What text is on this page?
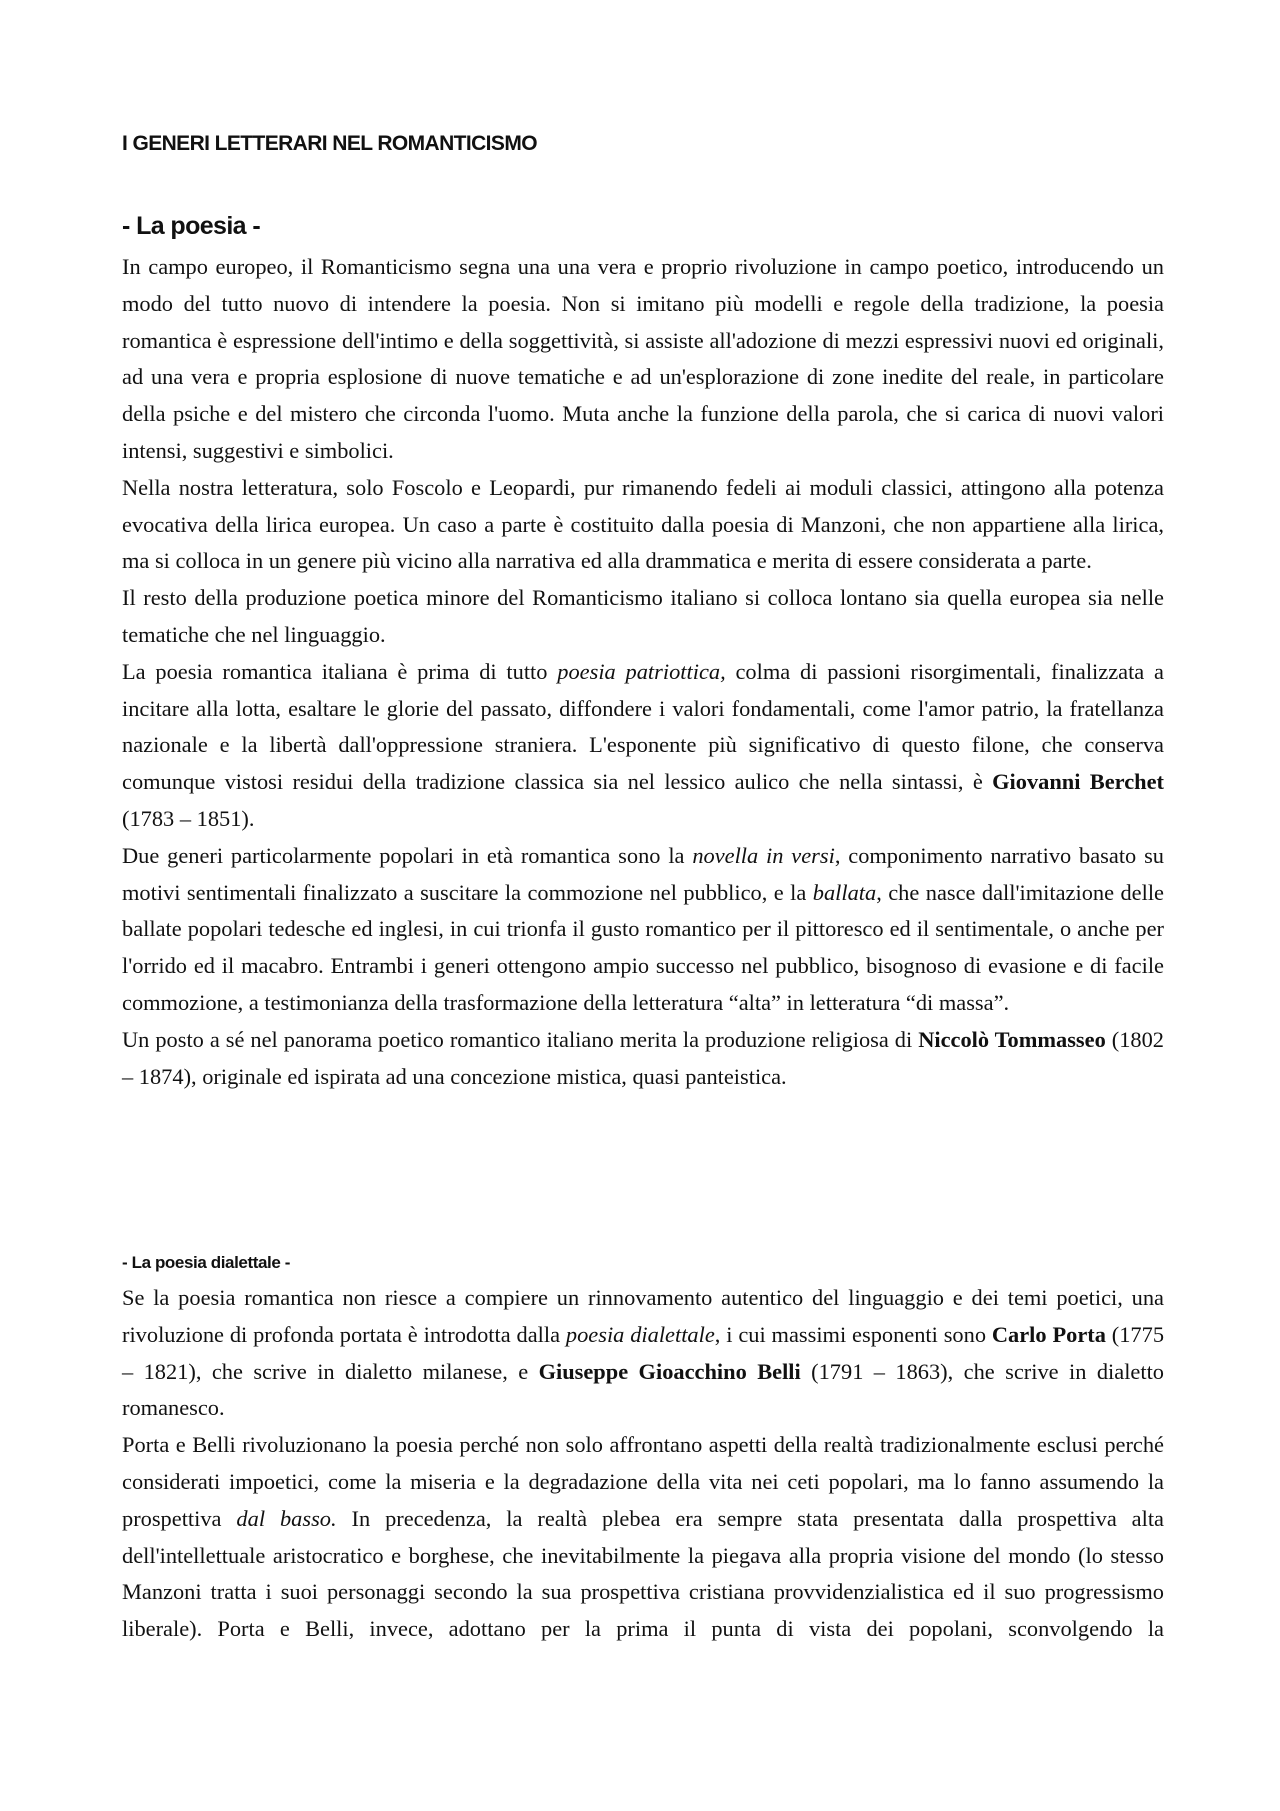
I GENERI LETTERARI NEL ROMANTICISMO
- La poesia -

In campo europeo, il Romanticismo segna una una vera e proprio rivoluzione in campo poetico, introducendo un modo del tutto nuovo di intendere la poesia. Non si imitano più modelli e regole della tradizione, la poesia romantica è espressione dell'intimo e della soggettività, si assiste all'adozione di mezzi espressivi nuovi ed originali, ad una vera e propria esplosione di nuove tematiche e ad un'esplorazione di zone inedite del reale, in particolare della psiche e del mistero che circonda l'uomo. Muta anche la funzione della parola, che si carica di nuovi valori intensi, suggestivi e simbolici.

Nella nostra letteratura, solo Foscolo e Leopardi, pur rimanendo fedeli ai moduli classici, attingono alla potenza evocativa della lirica europea. Un caso a parte è costituito dalla poesia di Manzoni, che non appartiene alla lirica, ma si colloca in un genere più vicino alla narrativa ed alla drammatica e merita di essere considerata a parte.

Il resto della produzione poetica minore del Romanticismo italiano si colloca lontano sia quella europea sia nelle tematiche che nel linguaggio.

La poesia romantica italiana è prima di tutto poesia patriottica, colma di passioni risorgimentali, finalizzata a incitare alla lotta, esaltare le glorie del passato, diffondere i valori fondamentali, come l'amor patrio, la fratellanza nazionale e la libertà dall'oppressione straniera. L'esponente più significativo di questo filone, che conserva comunque vistosi residui della tradizione classica sia nel lessico aulico che nella sintassi, è Giovanni Berchet (1783 – 1851).

Due generi particolarmente popolari in età romantica sono la novella in versi, componimento narrativo basato su motivi sentimentali finalizzato a suscitare la commozione nel pubblico, e la ballata, che nasce dall'imitazione delle ballate popolari tedesche ed inglesi, in cui trionfa il gusto romantico per il pittoresco ed il sentimentale, o anche per l'orrido ed il macabro. Entrambi i generi ottengono ampio successo nel pubblico, bisognoso di evasione e di facile commozione, a testimonianza della trasformazione della letteratura “alta” in letteratura “di massa”.

Un posto a sé nel panorama poetico romantico italiano merita la produzione religiosa di Niccolò Tommasseo (1802 – 1874), originale ed ispirata ad una concezione mistica, quasi panteistica.

- La poesia dialettale -

Se la poesia romantica non riesce a compiere un rinnovamento autentico del linguaggio e dei temi poetici, una rivoluzione di profonda portata è introdotta dalla poesia dialettale, i cui massimi esponenti sono Carlo Porta (1775 – 1821), che scrive in dialetto milanese, e Giuseppe Gioacchino Belli (1791 – 1863), che scrive in dialetto romanesco.

Porta e Belli rivoluzionano la poesia perché non solo affrontano aspetti della realtà tradizionalmente esclusi perché considerati impoetici, come la miseria e la degradazione della vita nei ceti popolari, ma lo fanno assumendo la prospettiva dal basso. In precedenza, la realtà plebea era sempre stata presentata dalla prospettiva alta dell'intellettuale aristocratico e borghese, che inevitabilmente la piegava alla propria visione del mondo (lo stesso Manzoni tratta i suoi personaggi secondo la sua prospettiva cristiana provvidenzialistica ed il suo progressismo liberale). Porta e Belli, invece, adottano per la prima il punta di vista dei popolani, sconvolgendo la
